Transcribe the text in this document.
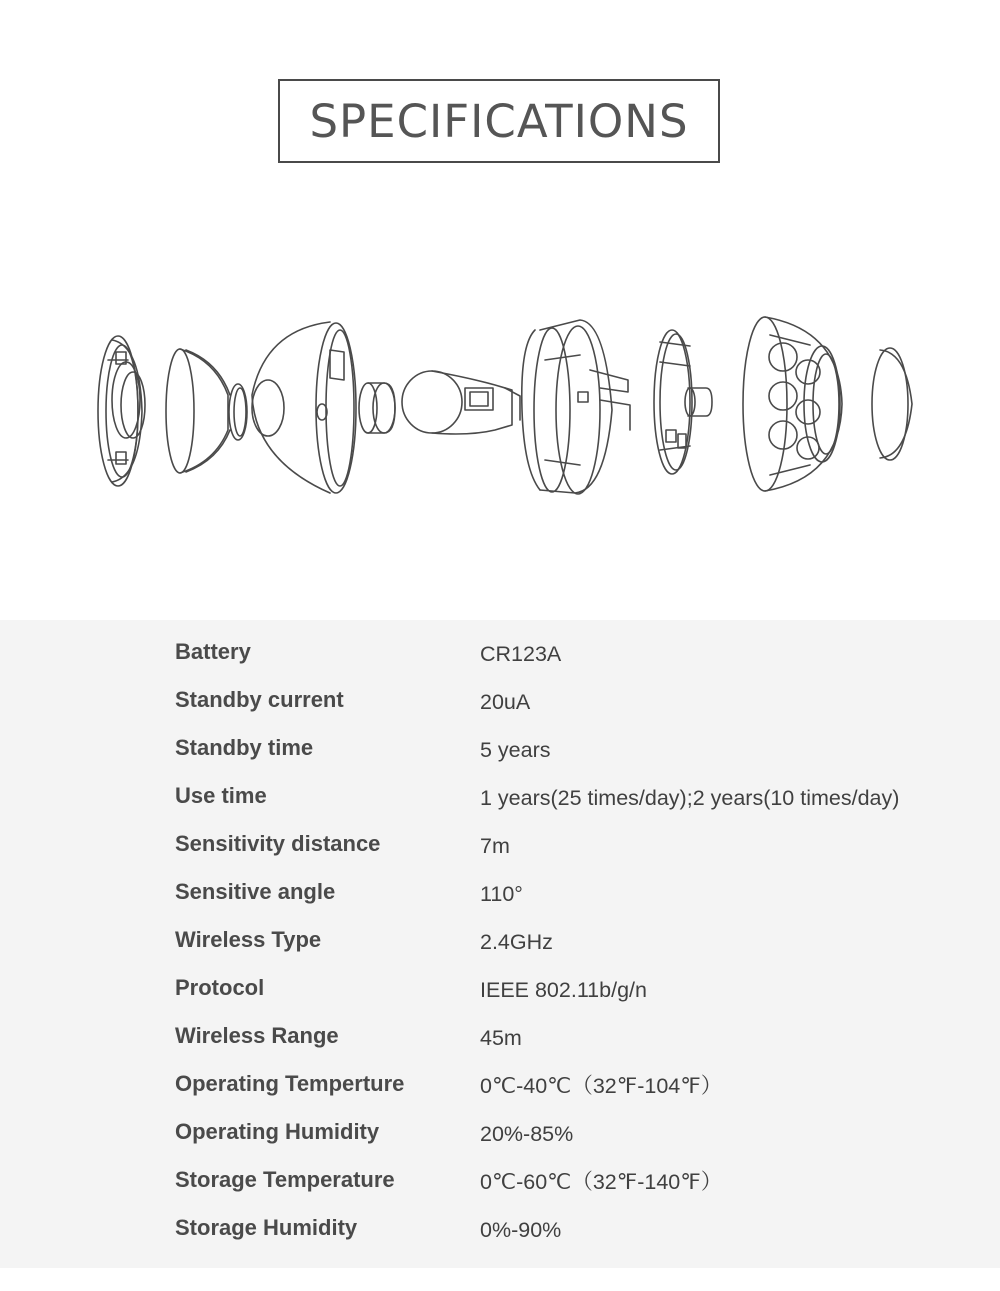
SPECIFICATIONS
Battery	CR123A
Standby current	20uA
Standby time	5 years
Use time	1 years(25 times/day);2 years(10 times/day)
Sensitivity distance	7m
Sensitive angle	110°
Wireless Type	2.4GHz
Protocol	IEEE 802.11b/g/n
Wireless Range	45m
Operating Temperture	0℃-40℃（32℉-104℉）
Operating Humidity	20%-85%
Storage Temperature	0℃-60℃（32℉-140℉）
Storage Humidity	0%-90%
